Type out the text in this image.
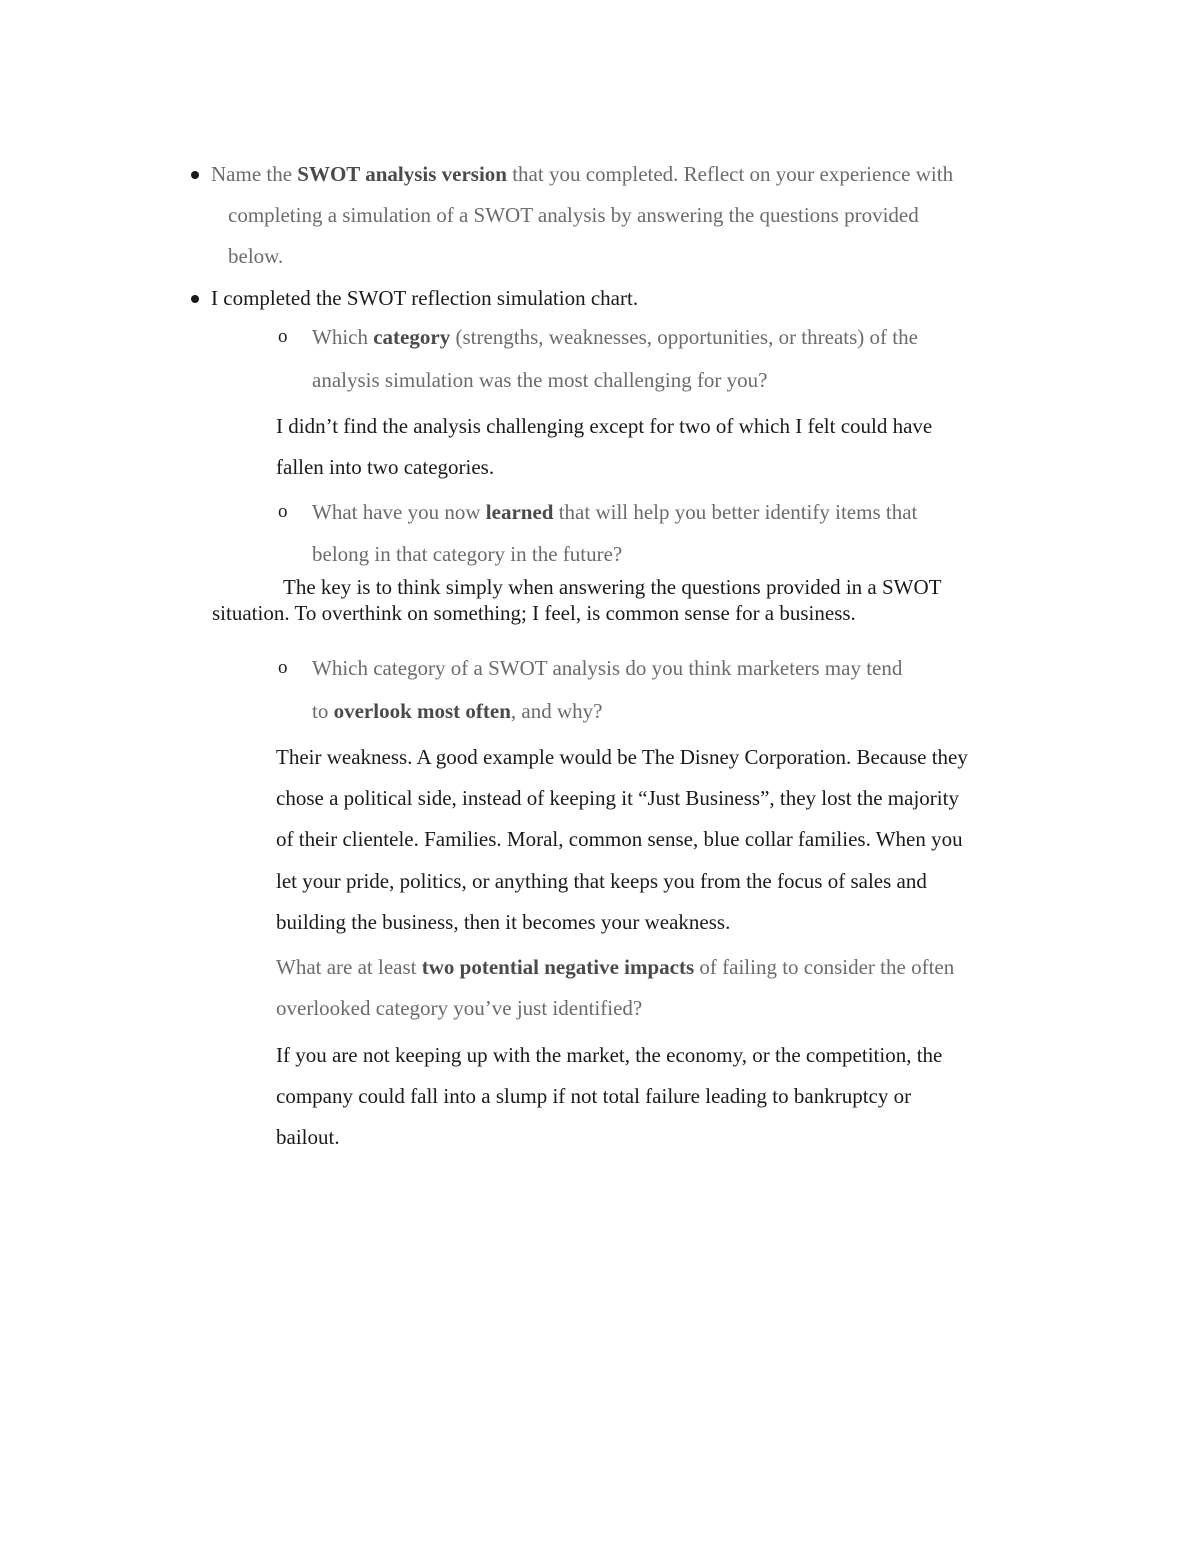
Name the SWOT analysis version that you completed. Reflect on your experience with
completing a simulation of a SWOT analysis by answering the questions provided
below.
I completed the SWOT reflection simulation chart.
o Which category (strengths, weaknesses, opportunities, or threats) of the
analysis simulation was the most challenging for you?
I didn’t find the analysis challenging except for two of which I felt could have
fallen into two categories.
o What have you now learned that will help you better identify items that
belong in that category in the future?
The key is to think simply when answering the questions provided in a SWOT
situation. To overthink on something; I feel, is common sense for a business.
o Which category of a SWOT analysis do you think marketers may tend
to overlook most often, and why?
Their weakness. A good example would be The Disney Corporation. Because they
chose a political side, instead of keeping it “Just Business”, they lost the majority
of their clientele. Families. Moral, common sense, blue collar families. When you
let your pride, politics, or anything that keeps you from the focus of sales and
building the business, then it becomes your weakness.
What are at least two potential negative impacts of failing to consider the often
overlooked category you’ve just identified?
If you are not keeping up with the market, the economy, or the competition, the
company could fall into a slump if not total failure leading to bankruptcy or
bailout.
